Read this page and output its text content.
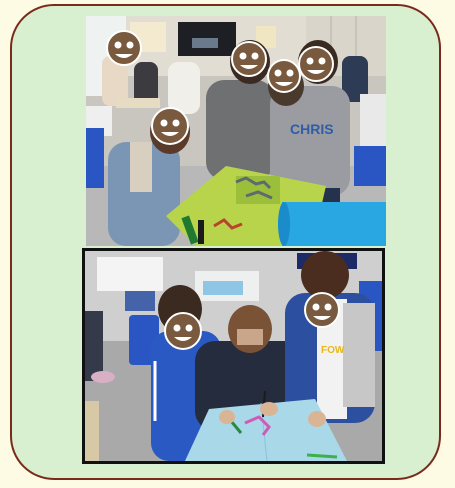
CHRIS
FOW
